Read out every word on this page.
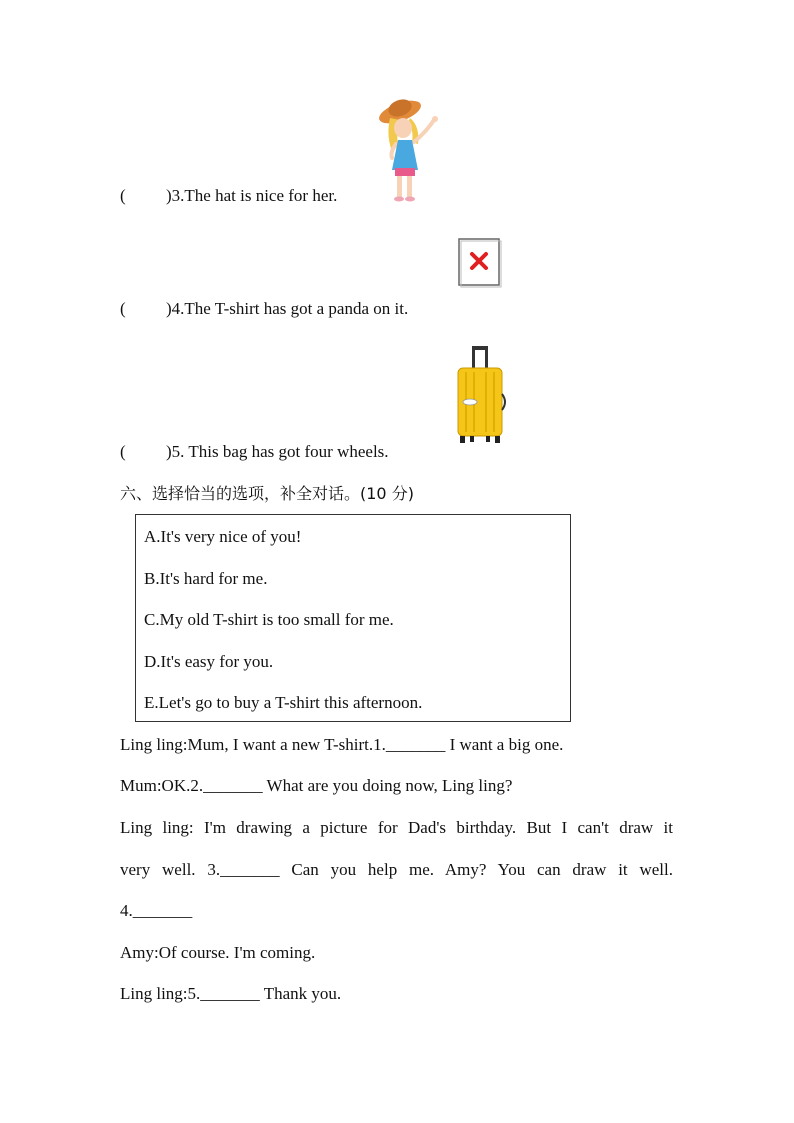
( )3.The hat is nice for her.
( )4.The T-shirt has got a panda on it.
( )5. This bag has got four wheels.
六、选择恰当的选项，补全对话。(10 分)
A.It's very nice of you!
B.It's hard for me.
C.My old T-shirt is too small for me.
D.It's easy for you.
E.Let's go to buy a T-shirt this afternoon.
Ling ling:Mum, I want a new T-shirt.1._______ I want a big one.
Mum:OK.2._______ What are you doing now, Ling ling?
Ling ling: I'm drawing a picture for Dad's birthday. But I can't draw it
very well. 3._______ Can you help me. Amy? You can draw it well.
4._______
Amy:Of course. I'm coming.
Ling ling:5._______ Thank you.
